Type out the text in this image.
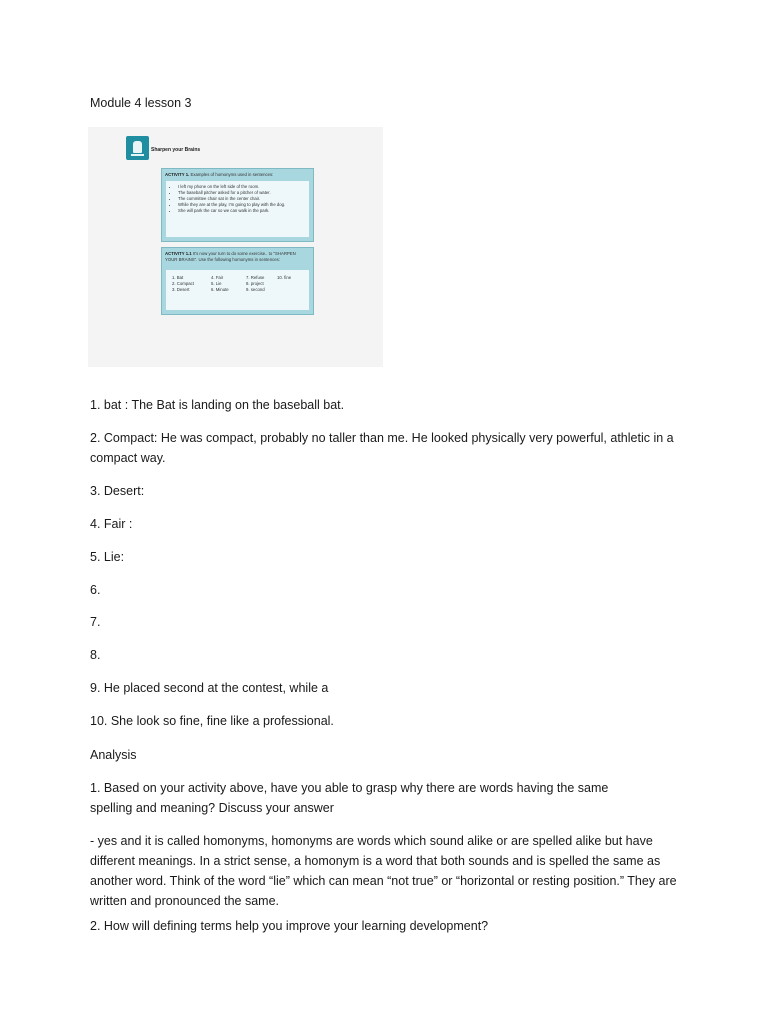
Module 4 lesson 3

Sharpen your Brains
ACTIVITY 1. Examples of homonyms used in sentences:
• I left my phone on the left side of the room.
• The baseball pitcher asked for a pitcher of water.
• The committee chair sat in the center chair.
• While they are at the play, I'm going to play with the dog.
• She will park the car so we can walk in the park.
ACTIVITY 1.1 It's now your turn to do some exercise.. to "SHARPEN YOUR BRAINS". Use the following homonyms in sentences:
1. Bat	4. Fair	7. Refuse	10. fine
2. Compact	5. Lie	8. project
3. Desert	6. Minute	9. second

1. bat : The Bat is landing on the baseball bat.

2. Compact: He was compact, probably no taller than me. He looked physically very powerful, athletic in a compact way.

3. Desert:

4. Fair :

5. Lie:

6.

7.

8.

9. He placed second at the contest, while a

10. She look so fine, fine like a professional.

Analysis

1. Based on your activity above, have you able to grasp why there are words having the same spelling and meaning? Discuss your answer

- yes and it is called homonyms, homonyms are words which sound alike or are spelled alike but have different meanings. In a strict sense, a homonym is a word that both sounds and is spelled the same as another word. Think of the word “lie” which can mean “not true” or “horizontal or resting position.” They are written and pronounced the same.

2. How will defining terms help you improve your learning development?
